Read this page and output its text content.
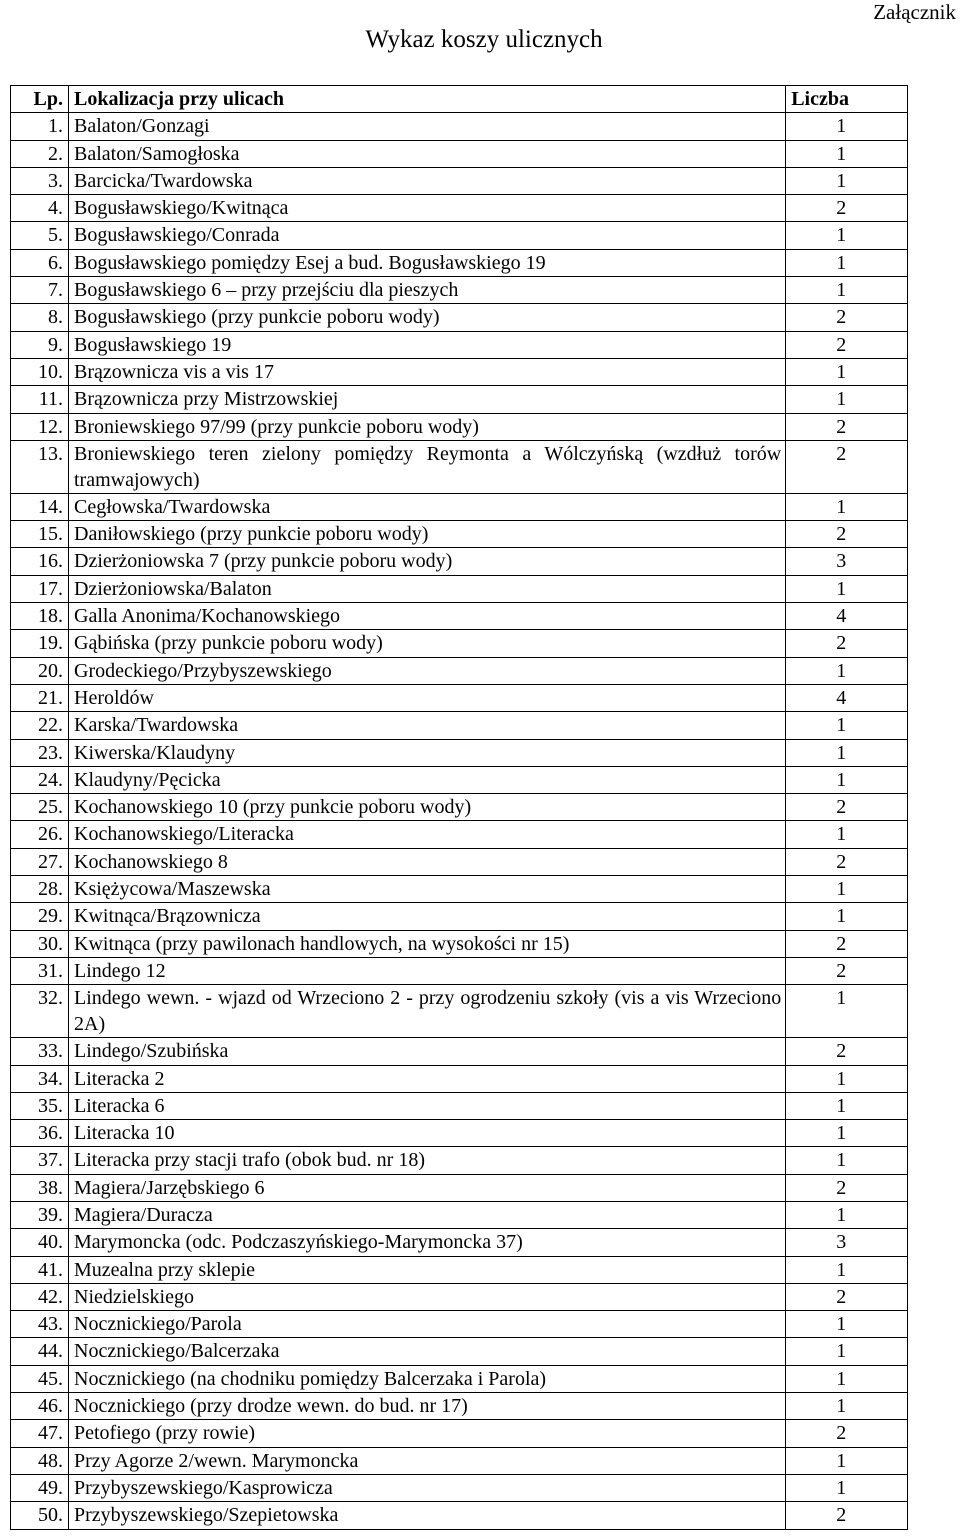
Załącznik
Wykaz koszy ulicznych
Lp.	Lokalizacja przy ulicach	Liczba
1.	Balaton/Gonzagi	1
2.	Balaton/Samogłoska	1
3.	Barcicka/Twardowska	1
4.	Bogusławskiego/Kwitnąca	2
5.	Bogusławskiego/Conrada	1
6.	Bogusławskiego pomiędzy Esej a bud. Bogusławskiego 19	1
7.	Bogusławskiego 6 – przy przejściu dla pieszych	1
8.	Bogusławskiego (przy punkcie poboru wody)	2
9.	Bogusławskiego 19	2
10.	Brązownicza vis a vis 17	1
11.	Brązownicza przy Mistrzowskiej	1
12.	Broniewskiego 97/99 (przy punkcie poboru wody)	2
13.	Broniewskiego teren zielony pomiędzy Reymonta a Wólczyńską (wzdłuż torów tramwajowych)	2
14.	Cegłowska/Twardowska	1
15.	Daniłowskiego (przy punkcie poboru wody)	2
16.	Dzierżoniowska 7 (przy punkcie poboru wody)	3
17.	Dzierżoniowska/Balaton	1
18.	Galla Anonima/Kochanowskiego	4
19.	Gąbińska (przy punkcie poboru wody)	2
20.	Grodeckiego/Przybyszewskiego	1
21.	Heroldów	4
22.	Karska/Twardowska	1
23.	Kiwerska/Klaudyny	1
24.	Klaudyny/Pęcicka	1
25.	Kochanowskiego 10 (przy punkcie poboru wody)	2
26.	Kochanowskiego/Literacka	1
27.	Kochanowskiego 8	2
28.	Księżycowa/Maszewska	1
29.	Kwitnąca/Brązownicza	1
30.	Kwitnąca (przy pawilonach handlowych, na wysokości nr 15)	2
31.	Lindego 12	2
32.	Lindego wewn. - wjazd od Wrzeciono 2 - przy ogrodzeniu szkoły (vis a vis Wrzeciono 2A)	1
33.	Lindego/Szubińska	2
34.	Literacka 2	1
35.	Literacka 6	1
36.	Literacka 10	1
37.	Literacka przy stacji trafo (obok bud. nr 18)	1
38.	Magiera/Jarzębskiego 6	2
39.	Magiera/Duracza	1
40.	Marymoncka (odc. Podczaszyńskiego-Marymoncka 37)	3
41.	Muzealna przy sklepie	1
42.	Niedzielskiego	2
43.	Nocznickiego/Parola	1
44.	Nocznickiego/Balcerzaka	1
45.	Nocznickiego (na chodniku pomiędzy Balcerzaka i Parola)	1
46.	Nocznickiego (przy drodze wewn. do bud. nr 17)	1
47.	Petofiego (przy rowie)	2
48.	Przy Agorze 2/wewn. Marymoncka	1
49.	Przybyszewskiego/Kasprowicza	1
50.	Przybyszewskiego/Szepietowska	2
